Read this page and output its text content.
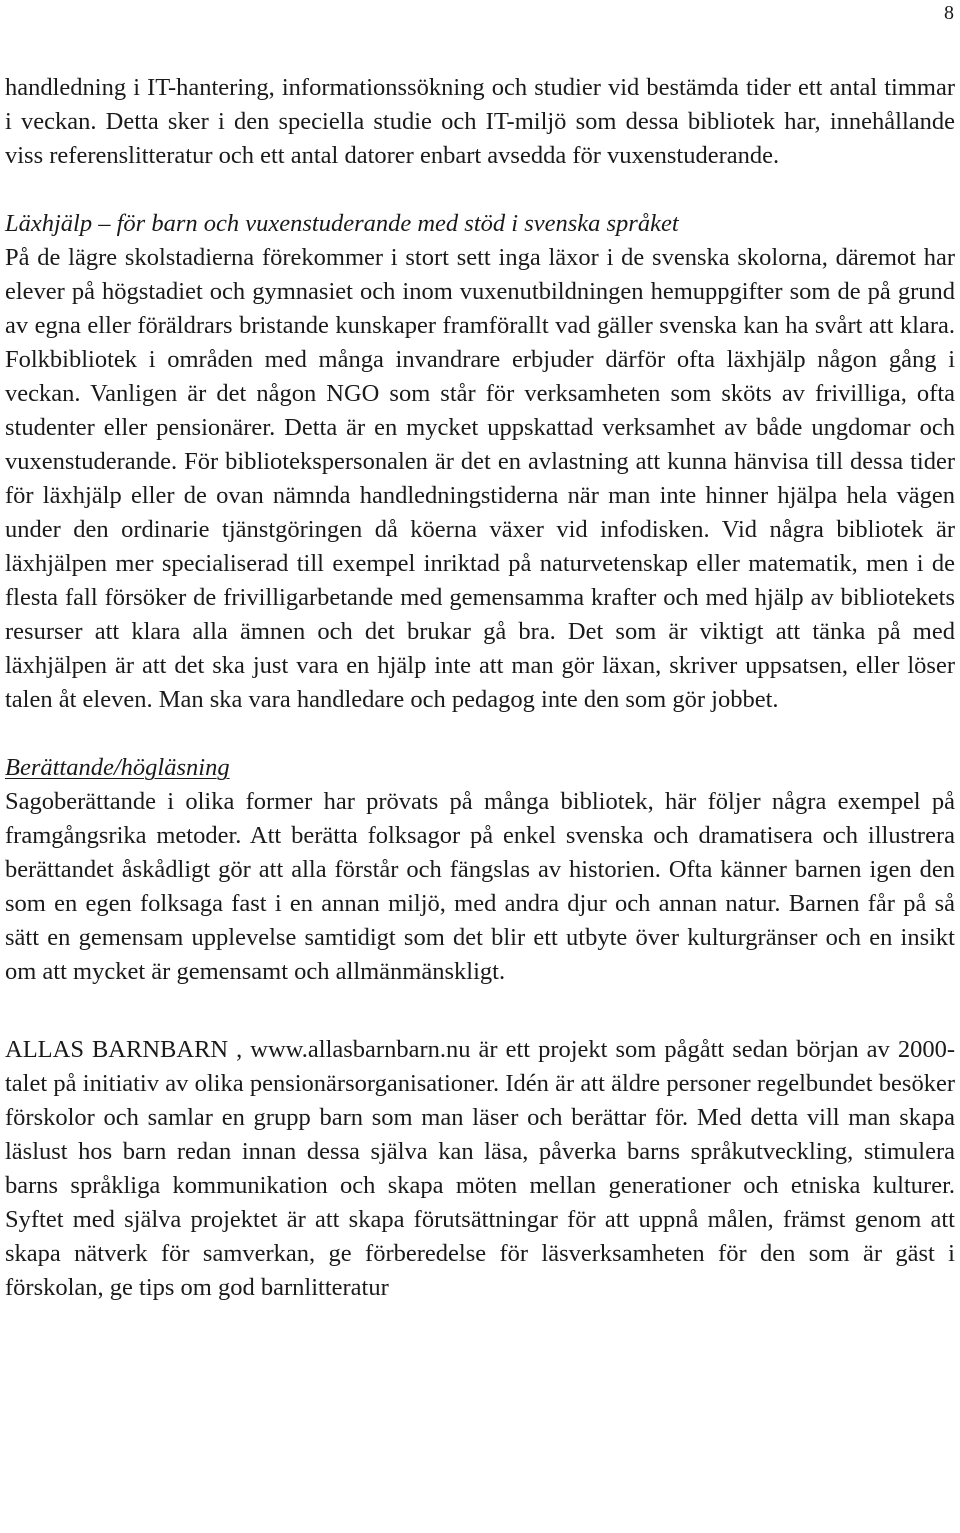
8

handledning i IT-hantering, informationssökning och studier vid bestämda tider ett antal timmar i veckan. Detta sker i den speciella studie och IT-miljö som dessa bibliotek har, innehållande viss referenslitteratur och ett antal datorer enbart avsedda för vuxenstuderande.

Läxhjälp – för barn och vuxenstuderande med stöd i svenska språket

På de lägre skolstadierna förekommer i stort sett inga läxor i de svenska skolorna, däremot har elever på högstadiet och gymnasiet och inom vuxenutbildningen hemuppgifter som de på grund av egna eller föräldrars bristande kunskaper framförallt vad gäller svenska kan ha svårt att klara. Folkbibliotek i områden med många invandrare erbjuder därför ofta läxhjälp någon gång i veckan. Vanligen är det någon NGO som står för verksamheten som sköts av frivilliga, ofta studenter eller pensionärer. Detta är en mycket uppskattad verksamhet av både ungdomar och vuxenstuderande. För bibliotekspersonalen är det en avlastning att kunna hänvisa till dessa tider för läxhjälp eller de ovan nämnda handledningstiderna när man inte hinner hjälpa hela vägen under den ordinarie tjänstgöringen då köerna växer vid infodisken. Vid några bibliotek är läxhjälpen mer specialiserad till exempel inriktad på naturvetenskap eller matematik, men i de flesta fall försöker de frivilligarbetande med gemensamma krafter och med hjälp av bibliotekets resurser att klara alla ämnen och det brukar gå bra. Det som är viktigt att tänka på med läxhjälpen är att det ska just vara en hjälp inte att man gör läxan, skriver uppsatsen, eller löser talen åt eleven. Man ska vara handledare och pedagog inte den som gör jobbet.

Berättande/högläsning

Sagoberättande i olika former har prövats på många bibliotek, här följer några exempel på framgångsrika metoder. Att berätta folksagor på enkel svenska och dramatisera och illustrera berättandet åskådligt gör att alla förstår och fängslas av historien. Ofta känner barnen igen den som en egen folksaga fast i en annan miljö, med andra djur och annan natur. Barnen får på så sätt en gemensam upplevelse samtidigt som det blir ett utbyte över kulturgränser och en insikt om att mycket är gemensamt och allmänmänskligt.

ALLAS BARNBARN , www.allasbarnbarn.nu är ett projekt som pågått sedan början av 2000-talet på initiativ av olika pensionärsorganisationer. Idén är att äldre personer regelbundet besöker förskolor och samlar en grupp barn som man läser och berättar för. Med detta vill man skapa läslust hos barn redan innan dessa själva kan läsa, påverka barns språkutveckling, stimulera barns språkliga kommunikation och skapa möten mellan generationer och etniska kulturer. Syftet med själva projektet är att skapa förutsättningar för att uppnå målen, främst genom att skapa nätverk för samverkan, ge förberedelse för läsverksamheten för den som är gäst i förskolan, ge tips om god barnlitteratur
